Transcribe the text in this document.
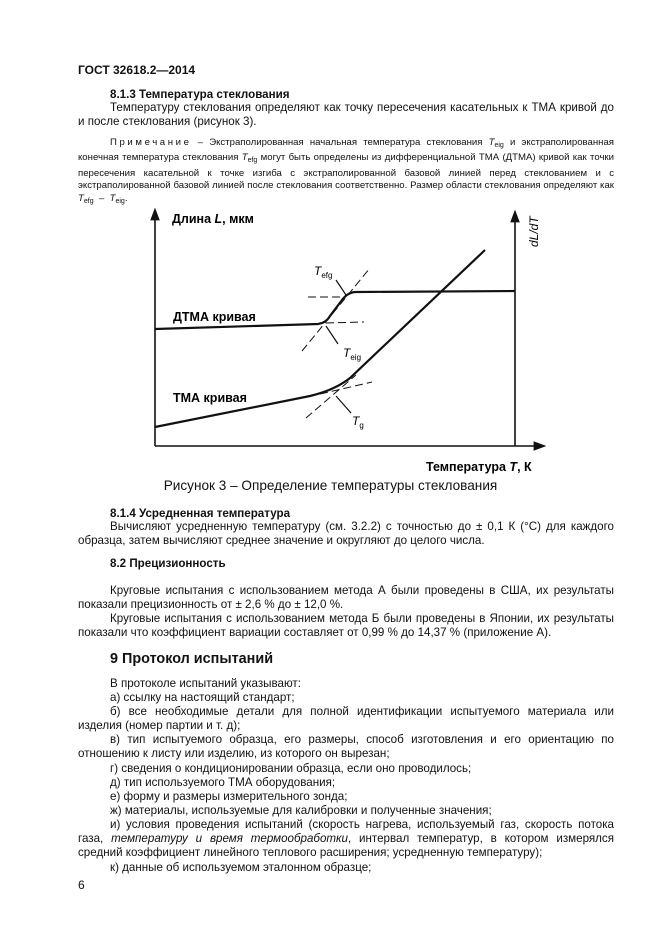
ГОСТ 32618.2—2014
8.1.3 Температура стеклования
Температуру стеклования определяют как точку пересечения касательных к ТМА кривой до и после стеклования (рисунок 3).
Примечание – Экстраполированная начальная температура стеклования $T_{eig}$ и экстраполированная конечная температура стеклования $T_{efg}$ могут быть определены из дифференциальной ТМА (ДТМА) кривой как точки пересечения касательной к точке изгиба с экстраполированной базовой линией перед стеклованием и с экстраполированной базовой линией после стеклования соответственно. Размер области стеклования определяют как $T_{efg} - T_{eig}$.
Длина L, мкм	dL/dT
Температура T, К
ДТМА кривая
ТМА кривая
$T_{efg}$
$T_{eig}$
$T_g$
Рисунок 3 – Определение температуры стеклования
8.1.4 Усредненная температура
Вычисляют усредненную температуру (см. 3.2.2) с точностью до ± 0,1 К (°С) для каждого образца, затем вычисляют среднее значение и округляют до целого числа.
8.2 Прецизионность
Круговые испытания с использованием метода А были проведены в США, их результаты показали прецизионность от ± 2,6 % до ± 12,0 %.
Круговые испытания с использованием метода Б были проведены в Японии, их результаты показали что коэффициент вариации составляет от 0,99 % до 14,37 % (приложение А).
9 Протокол испытаний
В протоколе испытаний указывают:
а) ссылку на настоящий стандарт;
б) все необходимые детали для полной идентификации испытуемого материала или изделия (номер партии и т. д);
в) тип испытуемого образца, его размеры, способ изготовления и его ориентацию по отношению к листу или изделию, из которого он вырезан;
г) сведения о кондиционировании образца, если оно проводилось;
д) тип используемого ТМА оборудования;
е) форму и размеры измерительного зонда;
ж) материалы, используемые для калибровки и полученные значения;
и) условия проведения испытаний (скорость нагрева, используемый газ, скорость потока газа, температуру и время термообработки, интервал температур, в котором измерялся средний коэффициент линейного теплового расширения; усредненную температуру);
к) данные об используемом эталонном образце;
6
